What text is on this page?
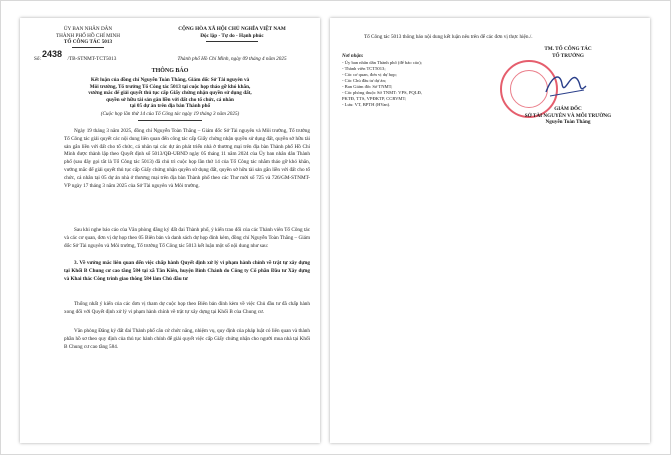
ỦY BAN NHÂN DÂN
THÀNH PHỐ HỒ CHÍ MINH
TỔ CÔNG TÁC 5013
Số:	/TB-STNMT-TCT5013
2438
CỘNG HÒA XÃ HỘI CHỦ NGHĨA VIỆT NAM
Độc lập - Tự do - Hạnh phúc
Thành phố Hồ Chí Minh, ngày 09 tháng 4 năm 2025
THÔNG BÁO
Kết luận của đồng chí Nguyễn Toàn Thắng, Giám đốc Sở Tài nguyên và
Môi trường, Tổ trưởng Tổ Công tác 5013 tại cuộc họp tháo gỡ khó khăn,
vướng mắc để giải quyết thủ tục cấp Giấy chứng nhận quyền sử dụng đất,
quyền sở hữu tài sản gắn liền với đất cho tổ chức, cá nhân
tại 05 dự án trên địa bàn Thành phố
(Cuộc họp lần thứ 14 của Tổ Công tác ngày 19 tháng 3 năm 2025)
Ngày 19 tháng 3 năm 2025, đồng chí Nguyễn Toàn Thắng – Giám đốc Sở Tài nguyên và Môi trường, Tổ trưởng Tổ Công tác giải quyết các nội dung liên quan đến công tác cấp Giấy chứng nhận quyền sử dụng đất, quyền sở hữu tài sản gắn liền với đất cho tổ chức, cá nhân tại các dự án phát triển nhà ở thương mại trên địa bàn Thành phố Hồ Chí Minh được thành lập theo Quyết định số 5013/QĐ-UBND ngày 05 tháng 11 năm 2024 của Ủy ban nhân dân Thành phố (sau đây gọi tắt là Tổ Công tác 5013) đã chủ trì cuộc họp lần thứ 14 của Tổ Công tác nhằm tháo gỡ khó khăn, vướng mắc để giải quyết thủ tục cấp Giấy chứng nhận quyền sử dụng đất, quyền sở hữu tài sản gắn liền với đất cho tổ chức, cá nhân tại 05 dự án nhà ở thương mại trên địa bàn Thành phố theo các Thư mời số 725 và 726/GM-STNMT-VP ngày 17 tháng 3 năm 2025 của Sở Tài nguyên và Môi trường.
Sau khi nghe báo cáo của Văn phòng đăng ký đất đai Thành phố, ý kiến trao đổi của các Thành viên Tổ Công tác và các cơ quan, đơn vị dự họp theo 05 Biên bản và danh sách dự họp đính kèm, đồng chí Nguyễn Toàn Thắng – Giám đốc Sở Tài nguyên và Môi trường, Tổ trưởng Tổ Công tác 5013 kết luận một số nội dung như sau:
3. Về vướng mắc liên quan đến việc chấp hành Quyết định xử lý vi phạm hành chính về trật tự xây dựng tại Khối B Chung cư cao tầng 584 tại xã Tân Kiên, huyện Bình Chánh do Công ty Cổ phần Đầu tư Xây dựng và Khai thác Công trình giao thông 584 làm Chủ đầu tư
Thống nhất ý kiến của các đơn vị tham dự cuộc họp theo Biên bản đính kèm về việc Chủ đầu tư đã chấp hành xong đối với Quyết định xử lý vi phạm hành chính về trật tự xây dựng tại Khối B của Chung cư.
Văn phòng Đăng ký đất đai Thành phố căn cứ chức năng, nhiệm vụ, quy định của pháp luật có liên quan và thành phần hồ sơ theo quy định của thủ tục hành chính để giải quyết việc cấp Giấy chứng nhận cho người mua nhà tại Khối B Chung cư cao tầng 584.
Tổ Công tác 5013 thông báo nội dung kết luận nêu trên để các đơn vị thực hiện./.
Nơi nhận:
- Ủy ban nhân dân Thành phố (để báo cáo);
- Thành viên TCT5013;
- Các cơ quan, đơn vị dự họp;
- Các Chủ đầu tư dự án;
- Ban Giám đốc Sở TNMT;
- Các phòng thuộc Sở TNMT: VPS, PQLĐ,
PKTĐ, TTS, VPĐKTP, CCRVMT;
- Lưu: VT, BPTH (HVan).
TM. TỔ CÔNG TÁC
TỔ TRƯỞNG
GIÁM ĐỐC
SỞ TÀI NGUYÊN VÀ MÔI TRƯỜNG
Nguyễn Toàn Thắng
